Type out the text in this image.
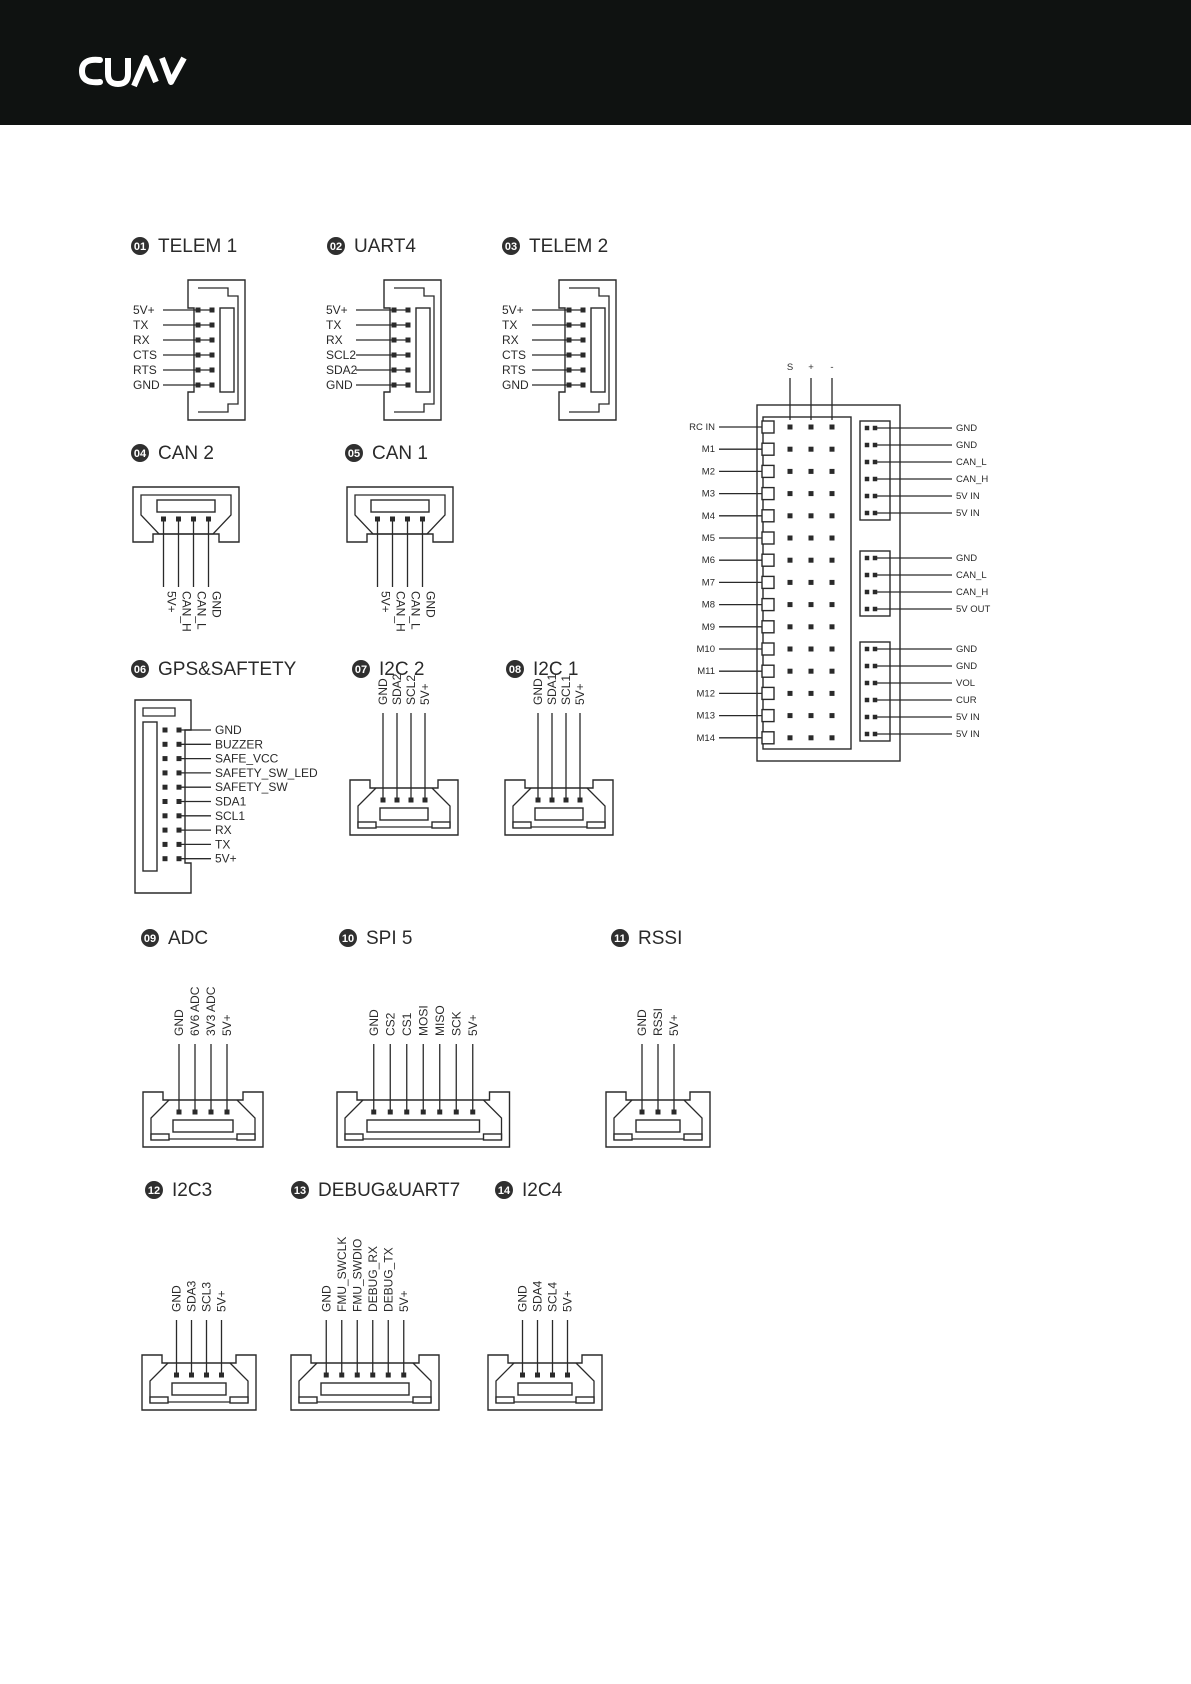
01 TELEM 1
5V+
TX
RX
CTS
RTS
GND
02 UART4
5V+
TX
RX
SCL2
SDA2
GND
03 TELEM 2
5V+
TX
RX
CTS
RTS
GND
04 CAN 2
5V+ CAN_H CAN_L GND
05 CAN 1
5V+ CAN_H CAN_L GND
06 GPS&SAFTETY
GND
BUZZER
SAFE_VCC
SAFETY_SW_LED
SAFETY_SW
SDA1
SCL1
RX
TX
5V+
07 I2C 2
GND SDA2 SCL2 5V+
08 I2C 1
GND SDA1 SCL1 5V+
09 ADC
GND 6V6 ADC 3V3 ADC 5V+
10 SPI 5
GND CS2 CS1 MOSI MISO SCK 5V+
11 RSSI
GND RSSI 5V+
12 I2C3
GND SDA3 SCL3 5V+
13 DEBUG&UART7
GND FMU_SWCLK FMU_SWDIO DEBUG_RX DEBUG_TX 5V+
14 I2C4
GND SDA4 SCL4 5V+
S + -
RC IN
M1
M2
M3
M4
M5
M6
M7
M8
M9
M10
M11
M12
M13
M14
GND
GND
CAN_L
CAN_H
5V IN
5V IN
GND
CAN_L
CAN_H
5V OUT
GND
GND
VOL
CUR
5V IN
5V IN
